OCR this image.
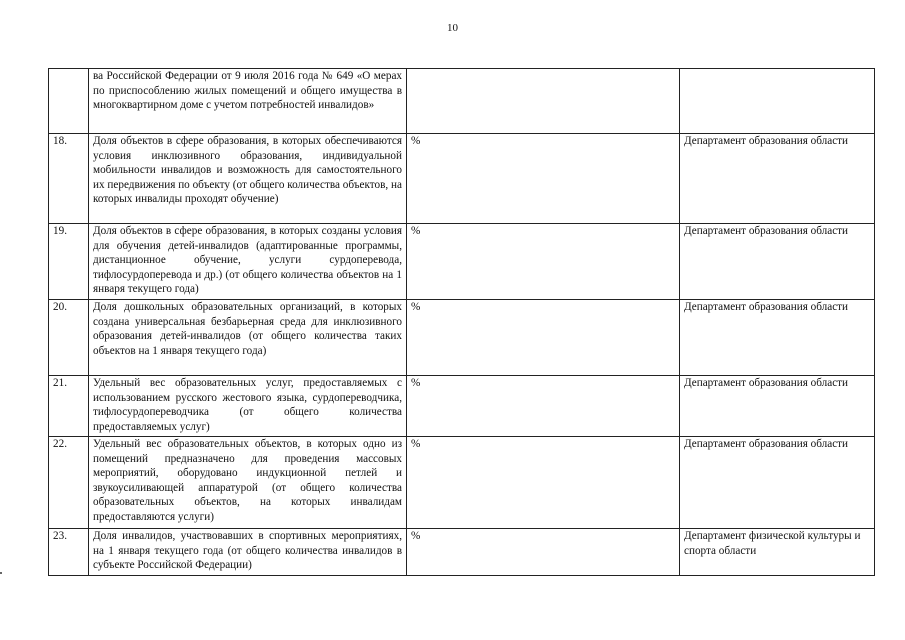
10
	ва Российской Федерации от 9 июля 2016 года № 649 «О мерах по приспособлению жилых помещений и общего имущества в многоквартирном доме с учетом потребностей инвалидов»		
18.	Доля объектов в сфере образования, в которых обеспечиваются условия инклюзивного образования, индивидуальной мобильности инвалидов и возможность для самостоятельного их передвижения по объекту (от общего количества объектов, на которых инвалиды проходят обучение)	%	Департамент образования области
19.	Доля объектов в сфере образования, в которых созданы условия для обучения детей-инвалидов (адаптированные программы, дистанционное обучение, услуги сурдоперевода, тифлосурдоперевода и др.) (от общего количества объектов на 1 января текущего года)	%	Департамент образования области
20.	Доля дошкольных образовательных организаций, в которых создана универсальная безбарьерная среда для инклюзивного образования детей-инвалидов (от общего количества таких объектов на 1 января текущего года)	%	Департамент образования области
21.	Удельный вес образовательных услуг, предоставляемых с использованием русского жестового языка, сурдопереводчика, тифлосурдопереводчика (от общего количества предоставляемых услуг)	%	Департамент образования области
22.	Удельный вес образовательных объектов, в которых одно из помещений предназначено для проведения массовых мероприятий, оборудовано индукционной петлей и звукоусиливающей аппаратурой (от общего количества образовательных объектов, на которых инвалидам предоставляются услуги)	%	Департамент образования области
23.	Доля инвалидов, участвовавших в спортивных мероприятиях, на 1 января текущего года (от общего количества инвалидов в субъекте Российской Федерации)	%	Департамент физической культуры и спорта области
